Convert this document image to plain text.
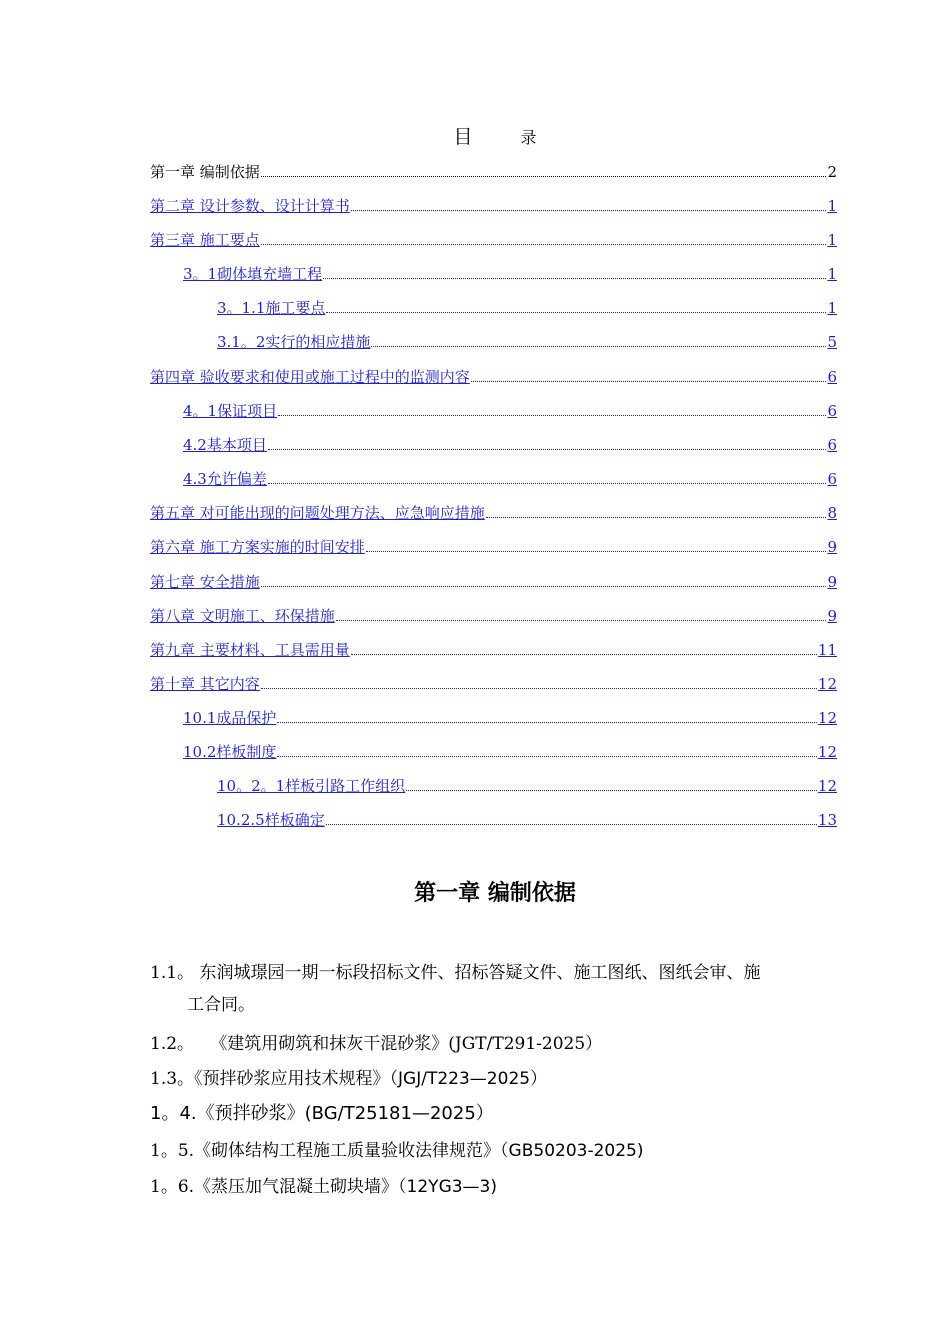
目	录
第一章 编制依据	2
第二章 设计参数、设计计算书	1
第三章 施工要点	1
3。1砌体填充墙工程	1
3。1.1施工要点	1
3.1。2实行的相应措施	5
第四章 验收要求和使用或施工过程中的监测内容	6
4。1保证项目	6
4.2基本项目	6
4.3允许偏差	6
第五章 对可能出现的问题处理方法、应急响应措施	8
第六章 施工方案实施的时间安排	9
第七章 安全措施	9
第八章 文明施工、环保措施	9
第九章 主要材料、工具需用量	11
第十章 其它内容	12
10.1成品保护	12
10.2样板制度	12
10。2。1样板引路工作组织	12
10.2.5样板确定	13
第一章 编制依据
1.1。 东润城璟园一期一标段招标文件、招标答疑文件、施工图纸、图纸会审、施
工合同。
1.2。   《建筑用砌筑和抹灰干混砂浆》(JGT/T291-2025）
1.3。《预拌砂浆应用技术规程》（JGJ/T223—2025）
1。4.《预拌砂浆》(BG/T25181—2025）
1。5.《砌体结构工程施工质量验收法律规范》（GB50203-2025)
1。6.《蒸压加气混凝土砌块墙》（12YG3—3)
